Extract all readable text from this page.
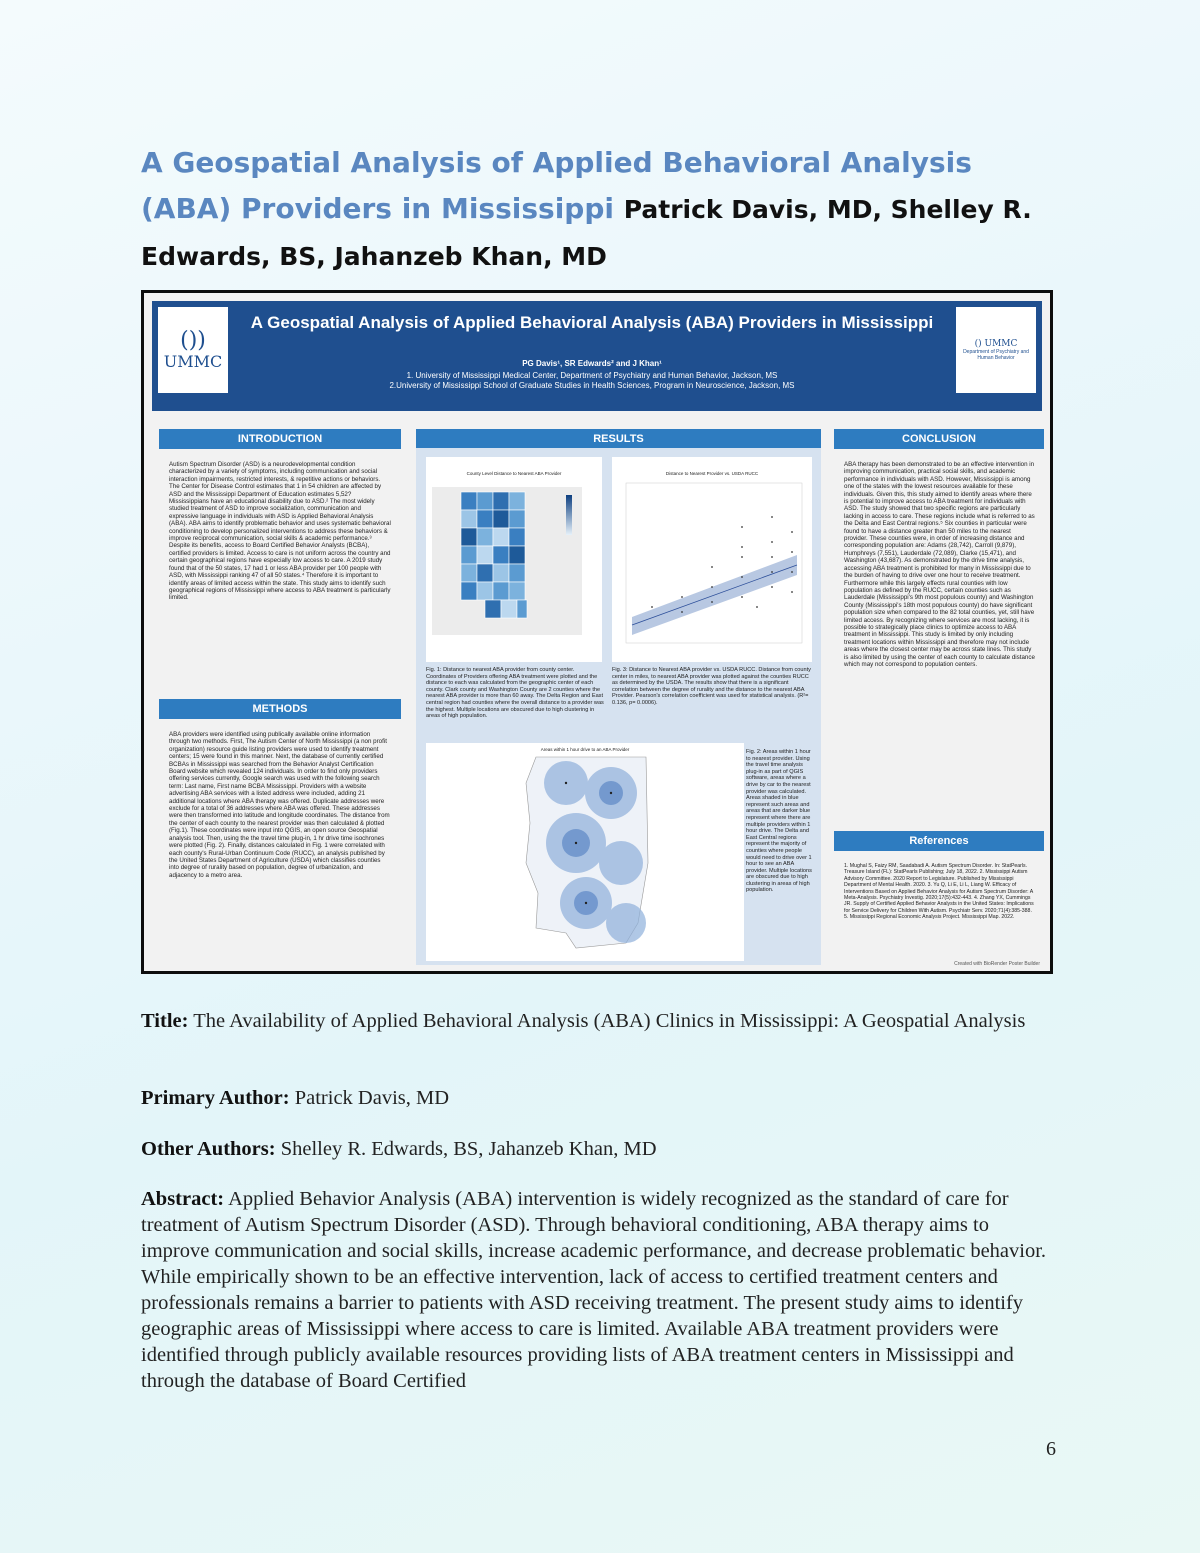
A Geospatial Analysis of Applied Behavioral Analysis (ABA) Providers in Mississippi Patrick Davis, MD, Shelley R. Edwards, BS, Jahanzeb Khan, MD
())
UMMC
A Geospatial Analysis of Applied Behavioral Analysis (ABA) Providers in Mississippi
PG Davis¹, SR Edwards² and J Khan¹
1. University of Mississippi Medical Center, Department of Psychiatry and Human Behavior, Jackson, MS
2.University of Mississippi School of Graduate Studies in Health Sciences, Program in Neuroscience, Jackson, MS
() UMMC
Department of Psychiatry and Human Behavior
INTRODUCTION

Autism Spectrum Disorder (ASD) is a neurodevelopmental condition characterized by a variety of symptoms, including communication and social interaction impairments, restricted interests, & repetitive actions or behaviors. The Center for Disease Control estimates that 1 in 54 children are affected by ASD and the Mississippi Department of Education estimates 5,52? Mississippians have an educational disability due to ASD.² The most widely studied treatment of ASD to improve socialization, communication and expressive language in individuals with ASD is Applied Behavioral Analysis (ABA). ABA aims to identify problematic behavior and uses systematic behavioral conditioning to develop personalized interventions to address these behaviors & improve reciprocal communication, social skills & academic performance.³ Despite its benefits, access to Board Certified Behavior Analysts (BCBA), certified providers is limited. Access to care is not uniform across the country and certain geographical regions have especially low access to care. A 2019 study found that of the 50 states, 17 had 1 or less ABA provider per 100 people with ASD, with Mississippi ranking 47 of all 50 states.⁴ Therefore it is important to identify areas of limited access within the state. This study aims to identify such geographical regions of Mississippi where access to ABA treatment is particularly limited.

METHODS

ABA providers were identified using publically available online information through two methods. First, The Autism Center of North Mississippi (a non profit organization) resource guide listing providers were used to identify treatment centers; 15 were found in this manner. Next, the database of currently certified BCBAs in Mississippi was searched from the Behavior Analyst Certification Board website which revealed 124 individuals. In order to find only providers offering services currently, Google search was used with the following search term: Last name, First name BCBA Mississippi. Providers with a website advertising ABA services with a listed address were included, adding 21 additional locations where ABA therapy was offered. Duplicate addresses were exclude for a total of 36 addresses where ABA was offered. These addresses were then transformed into latitude and longitude coordinates. The distance from the center of each county to the nearest provider was then calculated & plotted (Fig.1). These coordinates were input into QGIS, an open source Geospatial analysis tool. Then, using the the travel time plug-in, 1 hr drive time isochrones were plotted (Fig. 2). Finally, distances calculated in Fig. 1 were correlated with each county's Rural-Urban Continuum Code (RUCC), an analysis published by the United States Department of Agriculture (USDA) which classifies counties into degree of rurality based on population, degree of urbanization, and adjacency to a metro area.

RESULTS
County Level Distance to Nearest ABA Provider	Distance to Nearest Provider vs. USDA RUCC

Fig. 1: Distance to nearest ABA provider from county center. Coordinates of Providers offering ABA treatment were plotted and the distance to each was calculated from the geographic center of each county. Clark county and Washington County are 2 counties where the nearest ABA provider is more than 60 away. The Delta Region and East central region had counties where the overall distance to a provider was the highest. Multiple locations are obscured due to high clustering in areas of high population.

Fig. 3: Distance to Nearest ABA provider vs. USDA RUCC. Distance from county center in miles, to nearest ABA provider was plotted against the counties RUCC as determined by the USDA. The results show that there is a significant correlation between the degree of rurality and the distance to the nearest ABA Provider. Pearson's correlation coefficient was used for statistical analysis. (R²= 0.136, p= 0.0006).

Areas within 1 hour drive to an ABA Provider	Fig. 2: Areas within 1 hour to nearest provider. Using the travel time analysis plug-in as part of QGIS software, areas where a drive by car to the nearest provider was calculated. Areas shaded in blue represent such areas and areas that are darker blue represent where there are multiple providers within 1 hour drive. The Delta and East Central regions represent the majority of counties where people would need to drive over 1 hour to see an ABA provider. Multiple locations are obscured due to high clustering in areas of high population.

CONCLUSION

ABA therapy has been demonstrated to be an effective intervention in improving communication, practical social skills, and academic performance in individuals with ASD. However, Mississippi is among one of the states with the lowest resources available for these individuals. Given this, this study aimed to identify areas where there is potential to improve access to ABA treatment for individuals with ASD. The study showed that two specific regions are particularly lacking in access to care. These regions include what is referred to as the Delta and East Central regions.⁵ Six counties in particular were found to have a distance greater than 50 miles to the nearest provider. These counties were, in order of increasing distance and corresponding population are: Adams (28,742), Carroll (9,879), Humphreys (7,551), Lauderdale (72,089), Clarke (15,471), and Washington (43,687). As demonstrated by the drive time analysis, accessing ABA treatment is prohibited for many in Mississippi due to the burden of having to drive over one hour to receive treatment. Furthermore while this largely effects rural counties with low population as defined by the RUCC, certain counties such as Lauderdale (Mississippi's 9th most populous county) and Washington County (Mississippi's 18th most populous county) do have significant population size when compared to the 82 total counties, yet, still have limited access. By recognizing where services are most lacking, it is possible to strategically place clinics to optimize access to ABA treatment in Mississippi. This study is limited by only including treatment locations within Mississippi and therefore may not include areas where the closest center may be across state lines. This study is also limited by using the center of each county to calculate distance which may not correspond to population centers.

References

1. Mughal S, Faizy RM, Saadabadi A. Autism Spectrum Disorder. In: StatPearls. Treasure Island (FL): StatPearls Publishing; July 18, 2022. 2. Mississippi Autism Advisory Committee. 2020 Report to Legislature. Published by Mississippi Department of Mental Health. 2020. 3. Yu Q, Li E, Li L, Liang W. Efficacy of Interventions Based on Applied Behavior Analysis for Autism Spectrum Disorder: A Meta-Analysis. Psychiatry Investig. 2020;17(5):432-443. 4. Zhang YX, Cummings JR. Supply of Certified Applied Behavior Analysts in the United States: Implications for Service Delivery for Children With Autism. Psychiatr Serv. 2020;71(4):385-388. 5. Mississippi Regional Economic Analysis Project. Mississippi Map. 2022.

Created with BioRender Poster Builder

Title: The Availability of Applied Behavioral Analysis (ABA) Clinics in Mississippi: A Geospatial Analysis

Primary Author: Patrick Davis, MD

Other Authors: Shelley R. Edwards, BS, Jahanzeb Khan, MD

Abstract: Applied Behavior Analysis (ABA) intervention is widely recognized as the standard of care for treatment of Autism Spectrum Disorder (ASD). Through behavioral conditioning, ABA therapy aims to improve communication and social skills, increase academic performance, and decrease problematic behavior. While empirically shown to be an effective intervention, lack of access to certified treatment centers and professionals remains a barrier to patients with ASD receiving treatment. The present study aims to identify geographic areas of Mississippi where access to care is limited. Available ABA treatment providers were identified through publicly available resources providing lists of ABA treatment centers in Mississippi and through the database of Board Certified

6
